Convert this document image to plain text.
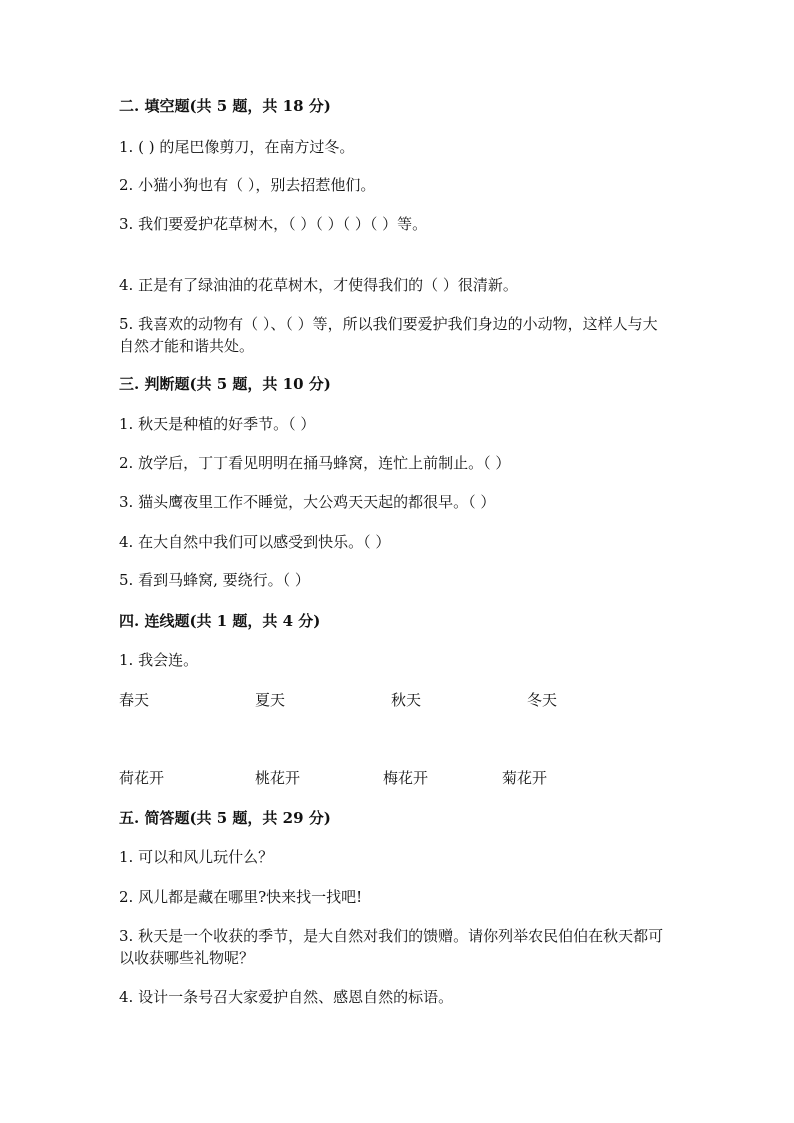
二. 填空题(共 5 题，共 18 分)
1. ( ) 的尾巴像剪刀，在南方过冬。
2. 小猫小狗也有（ ），别去招惹他们。
3. 我们要爱护花草树木，（ ）（ ）（ ）（ ）等。
4. 正是有了绿油油的花草树木，才使得我们的（ ）很清新。
5. 我喜欢的动物有（ ）、（ ）等，所以我们要爱护我们身边的小动物，这样人与大自然才能和谐共处。
三. 判断题(共 5 题，共 10 分)
1. 秋天是种植的好季节。（ ）
2. 放学后，丁丁看见明明在捅马蜂窝，连忙上前制止。（ ）
3. 猫头鹰夜里工作不睡觉，大公鸡天天起的都很早。（ ）
4. 在大自然中我们可以感受到快乐。（ ）
5. 看到马蜂窝, 要绕行。（ ）
四. 连线题(共 1 题，共 4 分)
1. 我会连。
春天	夏天	秋天	冬天
荷花开	桃花开	梅花开	菊花开
五. 简答题(共 5 题，共 29 分)
1. 可以和风儿玩什么？
2. 风儿都是藏在哪里?快来找一找吧!
3. 秋天是一个收获的季节，是大自然对我们的馈赠。请你列举农民伯伯在秋天都可以收获哪些礼物呢？
4. 设计一条号召大家爱护自然、感恩自然的标语。
